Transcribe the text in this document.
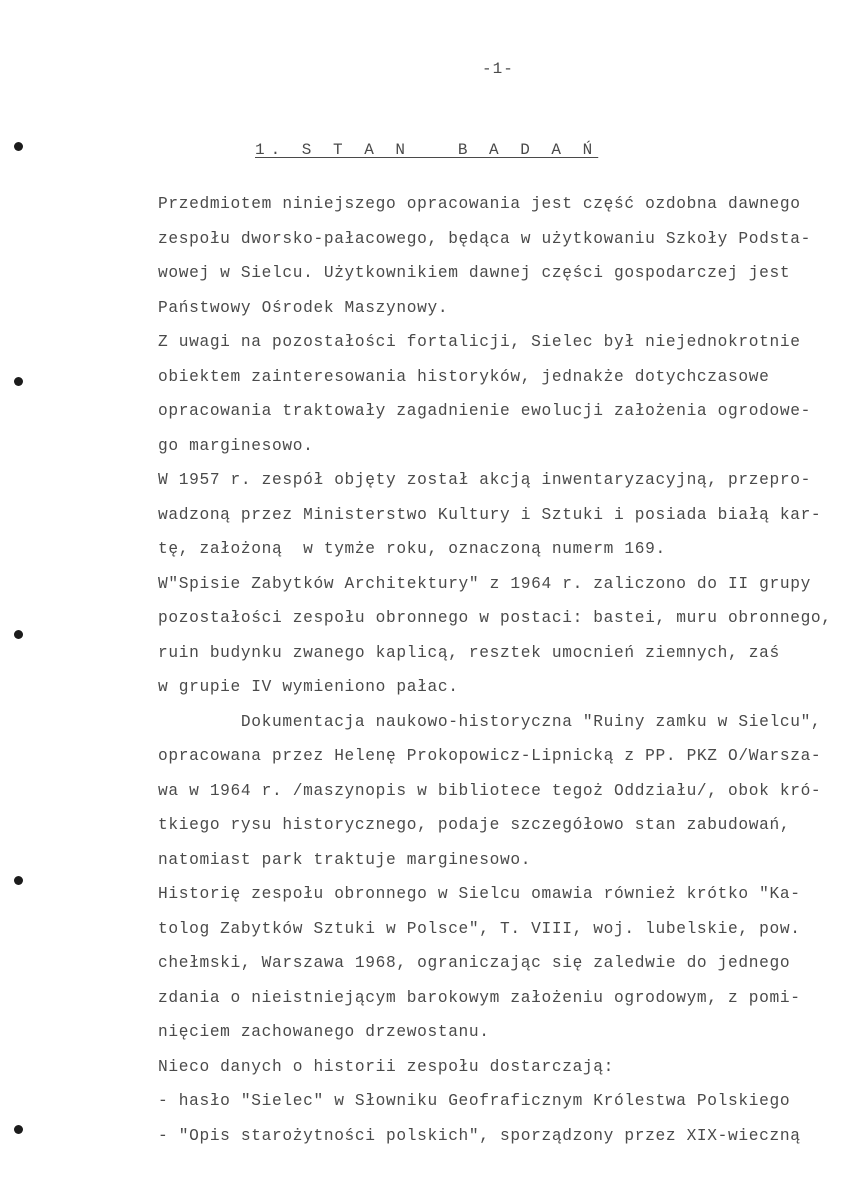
-1-
1. S T A N   B A D A Ń
Przedmiotem niniejszego opracowania jest część ozdobna dawnego
zespołu dworsko-pałacowego, będąca w użytkowaniu Szkoły Podsta-
wowej w Sielcu. Użytkownikiem dawnej części gospodarczej jest
Państwowy Ośrodek Maszynowy.
Z uwagi na pozostałości fortalicji, Sielec był niejednokrotnie
obiektem zainteresowania historyków, jednakże dotychczasowe
opracowania traktowały zagadnienie ewolucji założenia ogrodowe-
go marginesowo.
W 1957 r. zespół objęty został akcją inwentaryzacyjną, przepro-
wadzoną przez Ministerstwo Kultury i Sztuki i posiada białą kar-
tę, założoną  w tymże roku, oznaczoną numerm 169.
W"Spisie Zabytków Architektury" z 1964 r. zaliczono do II grupy
pozostałości zespołu obronnego w postaci: bastei, muru obronnego,
ruin budynku zwanego kaplicą, resztek umocnień ziemnych, zaś
w grupie IV wymieniono pałac.
Dokumentacja naukowo-historyczna "Ruiny zamku w Sielcu",
opracowana przez Helenę Prokopowicz-Lipnicką z PP. PKZ O/Warsza-
wa w 1964 r. /maszynopis w bibliotece tegoż Oddziału/, obok kró-
tkiego rysu historycznego, podaje szczegółowo stan zabudowań,
natomiast park traktuje marginesowo.
Historię zespołu obronnego w Sielcu omawia również krótko "Ka-
tolog Zabytków Sztuki w Polsce", T. VIII, woj. lubelskie, pow.
chełmski, Warszawa 1968, ograniczając się zaledwie do jednego
zdania o nieistniejącym barokowym założeniu ogrodowym, z pomi-
nięciem zachowanego drzewostanu.
Nieco danych o historii zespołu dostarczają:
- hasło "Sielec" w Słowniku Geofraficznym Królestwa Polskiego
- "Opis starożytności polskich", sporządzony przez XIX-wieczną
